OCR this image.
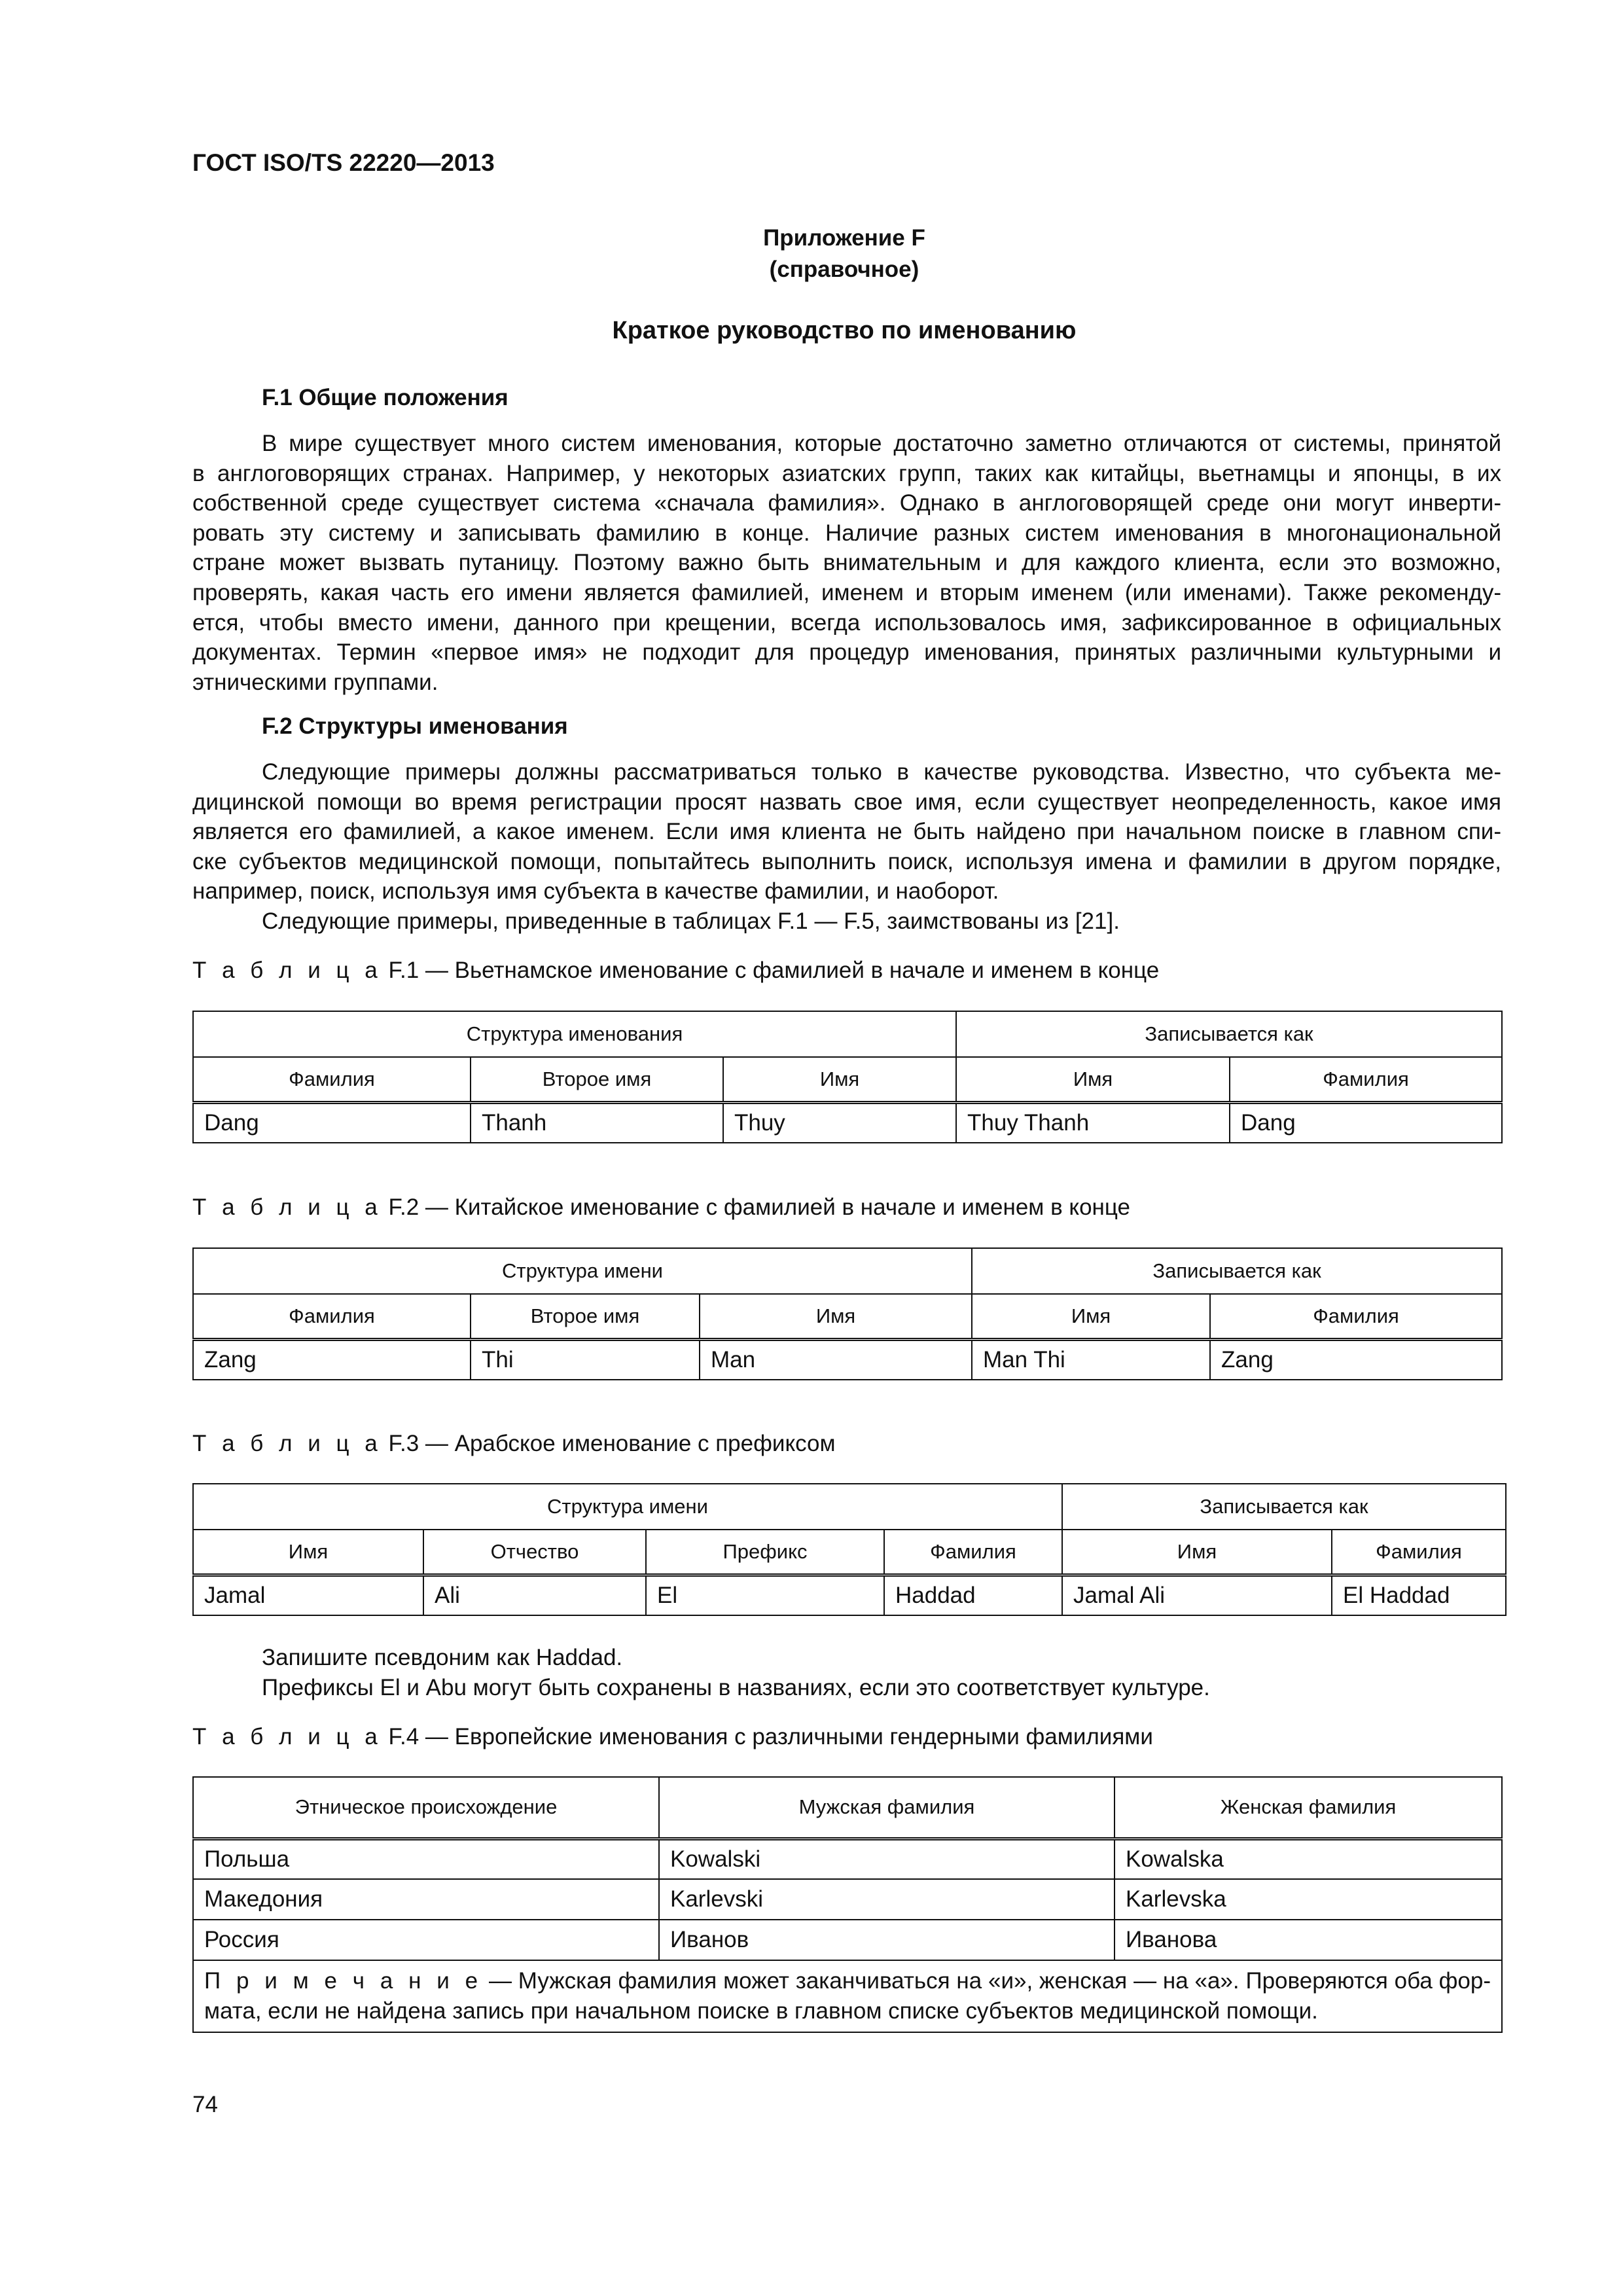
ГОСТ ISO/TS 22220—2013
Приложение F
(справочное)
Краткое руководство по именованию
F.1 Общие положения
В мире существует много систем именования, которые достаточно заметно отличаются от системы, принятой
в англоговорящих странах. Например, у некоторых азиатских групп, таких как китайцы, вьетнамцы и японцы, в их
собственной среде существует система «сначала фамилия». Однако в англоговорящей среде они могут инверти-
ровать эту систему и записывать фамилию в конце. Наличие разных систем именования в многонациональной
стране может вызвать путаницу. Поэтому важно быть внимательным и для каждого клиента, если это возможно,
проверять, какая часть его имени является фамилией, именем и вторым именем (или именами). Также рекоменду-
ется, чтобы вместо имени, данного при крещении, всегда использовалось имя, зафиксированное в официальных
документах. Термин «первое имя» не подходит для процедур именования, принятых различными культурными и
этническими группами.
F.2 Структуры именования
Следующие примеры должны рассматриваться только в качестве руководства. Известно, что субъекта ме-
дицинской помощи во время регистрации просят назвать свое имя, если существует неопределенность, какое имя
является его фамилией, а какое именем. Если имя клиента не быть найдено при начальном поиске в главном спи-
ске субъектов медицинской помощи, попытайтесь выполнить поиск, используя имена и фамилии в другом порядке,
например, поиск, используя имя субъекта в качестве фамилии, и наоборот.
Следующие примеры, приведенные в таблицах F.1 — F.5, заимствованы из [21].
Т а б л и ц а F.1 — Вьетнамское именование с фамилией в начале и именем в конце
Структура именования			Записывается как	
Фамилия	Второе имя	Имя	Имя	Фамилия
Dang	Thanh	Thuy	Thuy Thanh	Dang
Т а б л и ц а F.2 — Китайское именование с фамилией в начале и именем в конце
Структура имени			Записывается как	
Фамилия	Второе имя	Имя	Имя	Фамилия
Zang	Thi	Man	Man Thi	Zang
Т а б л и ц а F.3 — Арабское именование с префиксом
Структура имени				Записывается как	
Имя	Отчество	Префикс	Фамилия	Имя	Фамилия
Jamal	Ali	El	Haddad	Jamal Ali	El Haddad
Запишите псевдоним как Haddad.
Префиксы El и Abu могут быть сохранены в названиях, если это соответствует культуре.
Т а б л и ц а F.4 — Европейские именования с различными гендерными фамилиями
Этническое происхождение	Мужская фамилия	Женская фамилия
Польша	Kowalski	Kowalska
Македония	Karlevski	Karlevska
Россия	Иванов	Иванова

П р и м е ч а н и е — Мужская фамилия может заканчиваться на «и», женская — на «а». Проверяются оба фор-
мата, если не найдена запись при начальном поиске в главном списке субъектов медицинской помощи.		
74
